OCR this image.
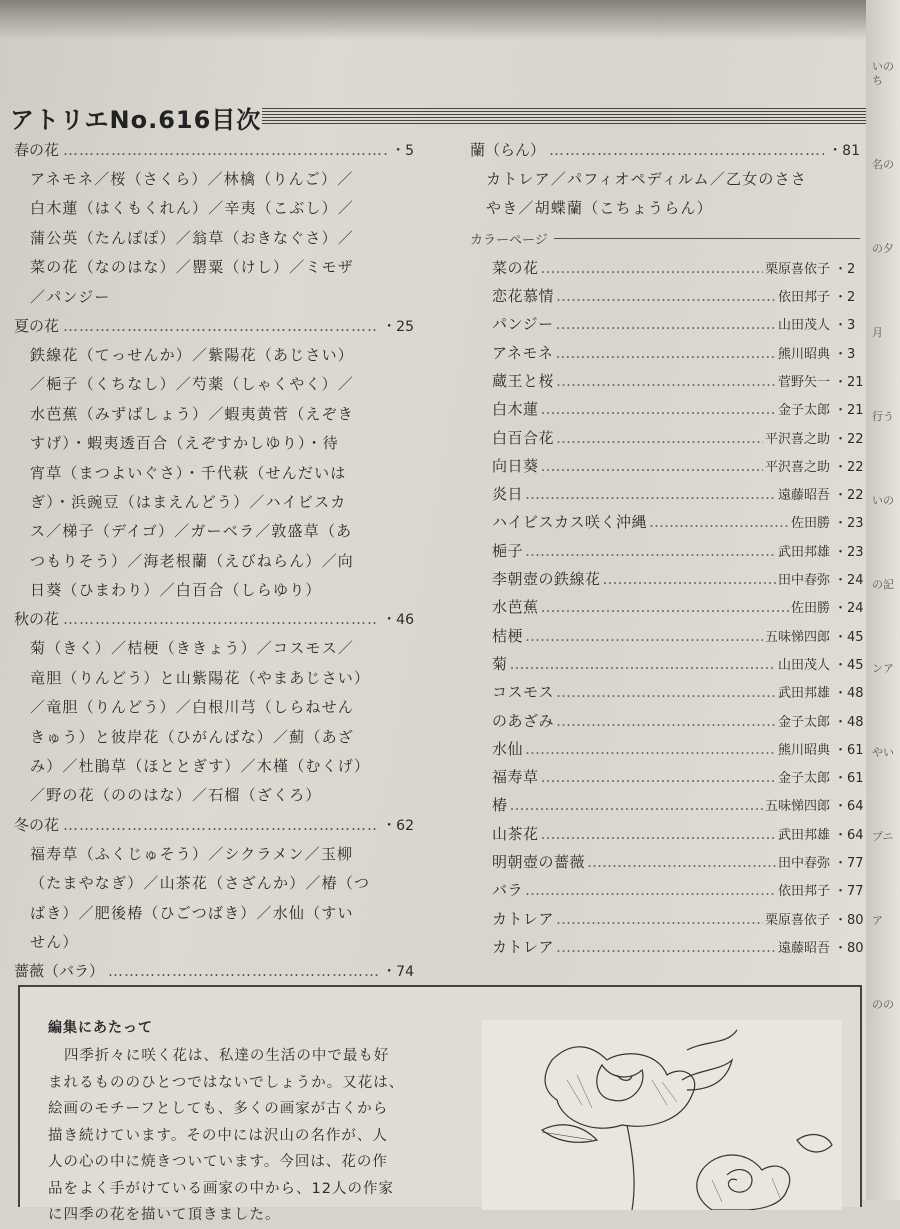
アトリエNo.616目次
春の花 …………………………………………………………………………………………	・5
アネモネ／桜（さくら）／林檎（りんご）／
白木蓮（はくもくれん）／辛夷（こぶし）／
蒲公英（たんぽぽ）／翁草（おきなぐさ）／
菜の花（なのはな）／罌粟（けし）／ミモザ
／パンジー
夏の花 …………………………………………………………………………………………	・25
鉄線花（てっせんか）／紫陽花（あじさい）
／梔子（くちなし）／芍薬（しゃくやく）／
水芭蕉（みずばしょう）／蝦夷黄菅（えぞき
すげ）・蝦夷透百合（えぞすかしゆり）・待
宵草（まつよいぐさ）・千代萩（せんだいは
ぎ）・浜豌豆（はまえんどう）／ハイビスカ
ス／梯子（デイゴ）／ガーベラ／敦盛草（あ
つもりそう）／海老根蘭（えびねらん）／向
日葵（ひまわり）／白百合（しらゆり）
秋の花 …………………………………………………………………………………………	・46
菊（きく）／桔梗（ききょう）／コスモス／
竜胆（りんどう）と山紫陽花（やまあじさい）
／竜胆（りんどう）／白根川芎（しらねせん
きゅう）と彼岸花（ひがんばな）／薊（あざ
み）／杜鵑草（ほととぎす）／木槿（むくげ）
／野の花（ののはな）／石榴（ざくろ）
冬の花 …………………………………………………………………………………………	・62
福寿草（ふくじゅそう）／シクラメン／玉柳
（たまやなぎ）／山茶花（さざんか）／椿（つ
ばき）／肥後椿（ひごつばき）／水仙（すい
せん）
薔薇（バラ） …………………………………………………………………………………………	・74
蘭（らん） …………………………………………………………………………………………	・81
カトレア／パフィオペディルム／乙女のささ
やき／胡蝶蘭（こちょうらん）
カラーページ
菜の花 ………………………………………………………………………………	栗原喜依子 ・2
恋花慕情 ………………………………………………………………………………	依田邦子 ・2
パンジー ………………………………………………………………………………	山田茂人 ・3
アネモネ ………………………………………………………………………………	熊川昭典 ・3
蔵王と桜 ………………………………………………………………………………	菅野矢一 ・21
白木蓮 ………………………………………………………………………………	金子太郎 ・21
白百合花 ………………………………………………………………………………	平沢喜之助 ・22
向日葵 ………………………………………………………………………………	平沢喜之助 ・22
炎日 ………………………………………………………………………………	遠藤昭吾 ・22
ハイビスカス咲く沖縄 ………………………………………………………………………………	佐田勝 ・23
梔子 ………………………………………………………………………………	武田邦雄 ・23
李朝壺の鉄線花 ………………………………………………………………………………	田中春弥 ・24
水芭蕉 ………………………………………………………………………………	佐田勝 ・24
桔梗 ………………………………………………………………………………	五味悌四郎 ・45
菊 ………………………………………………………………………………	山田茂人 ・45
コスモス ………………………………………………………………………………	武田邦雄 ・48
のあざみ ………………………………………………………………………………	金子太郎 ・48
水仙 ………………………………………………………………………………	熊川昭典 ・61
福寿草 ………………………………………………………………………………	金子太郎 ・61
椿 ………………………………………………………………………………	五味悌四郎 ・64
山茶花 ………………………………………………………………………………	武田邦雄 ・64
明朝壺の薔薇 ………………………………………………………………………………	田中春弥 ・77
バラ ………………………………………………………………………………	依田邦子 ・77
カトレア ………………………………………………………………………………	栗原喜依子 ・80
カトレア ………………………………………………………………………………	遠藤昭吾 ・80
編集にあたって
四季折々に咲く花は、私達の生活の中で最も好
まれるもののひとつではないでしょうか。又花は、
絵画のモチーフとしても、多くの画家が古くから
描き続けています。その中には沢山の名作が、人
人の心の中に焼きついています。今回は、花の作
品をよく手がけている画家の中から、12人の作家
に四季の花を描いて頂きました。
いのち
名の
の夕
月
行う
いの
の記
ンア
やい
プニ
ア
のの
